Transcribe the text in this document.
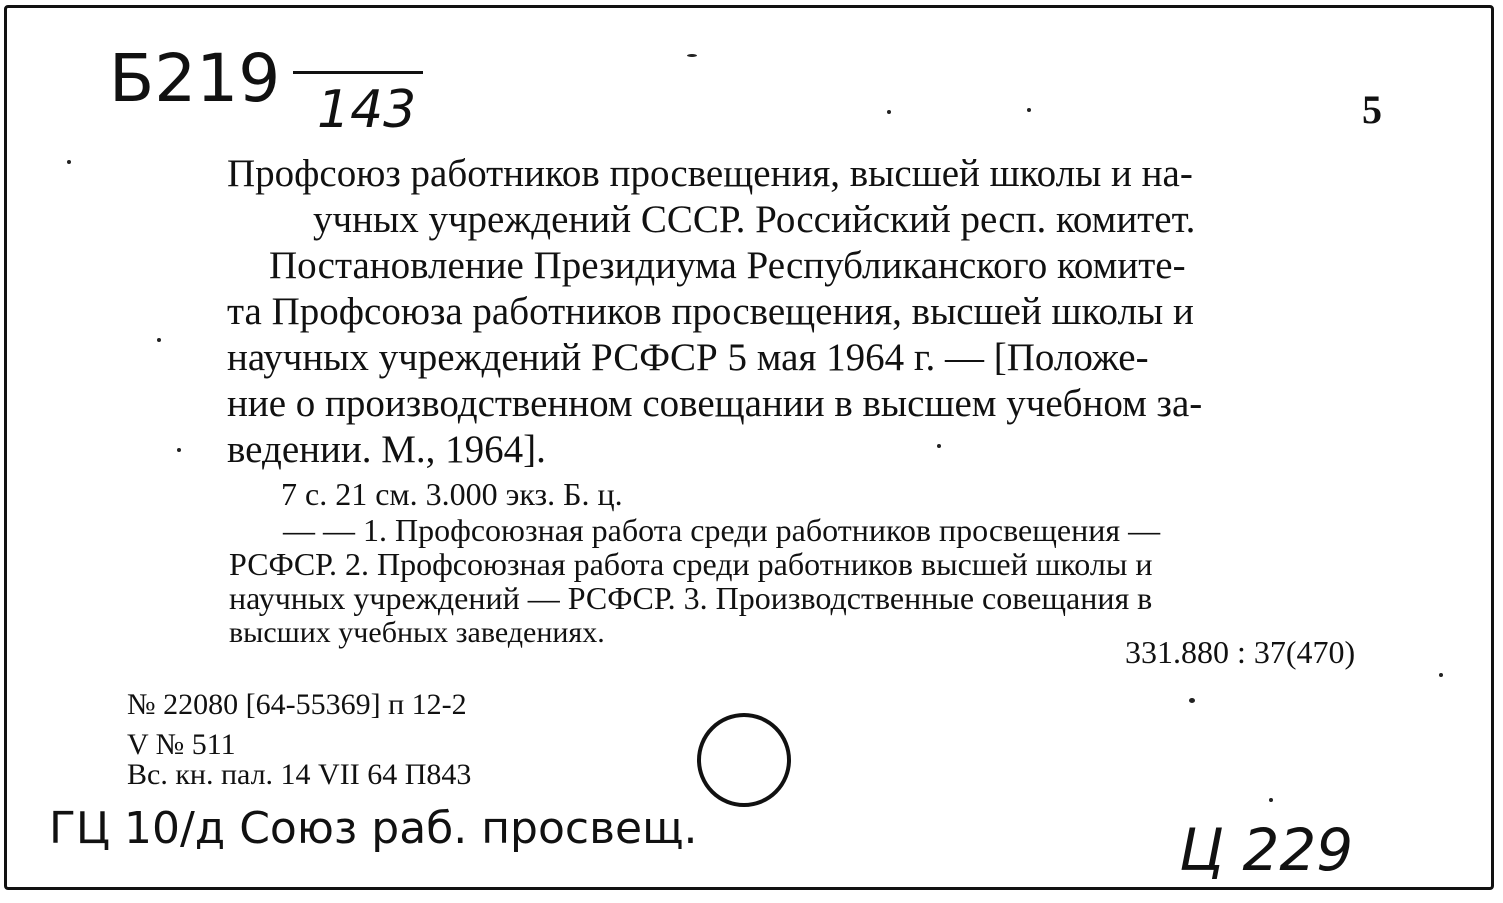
Б219 143	5
Профсоюз работников просвещения, высшей школы и на-
учных учреждений СССР. Российский респ. комитет.
Постановление Президиума Республиканского комите-
та Профсоюза работников просвещения, высшей школы и
научных учреждений РСФСР 5 мая 1964 г. — [Положе-
ние о производственном совещании в высшем учебном за-
ведении. М., 1964].
7 с. 21 см. 3.000 экз. Б. ц.
— — 1. Профсоюзная работа среди работников просвещения —
РСФСР. 2. Профсоюзная работа среди работников высшей школы и
научных учреждений — РСФСР. 3. Производственные совещания в
высших учебных заведениях.
331.880 : 37(470)
№ 22080 [64-55369] п 12-2
V № 511
Вс. кн. пал. 14 VII 64 П843
ГЦ 10/д Союз раб. просвещ.	Ц 229
